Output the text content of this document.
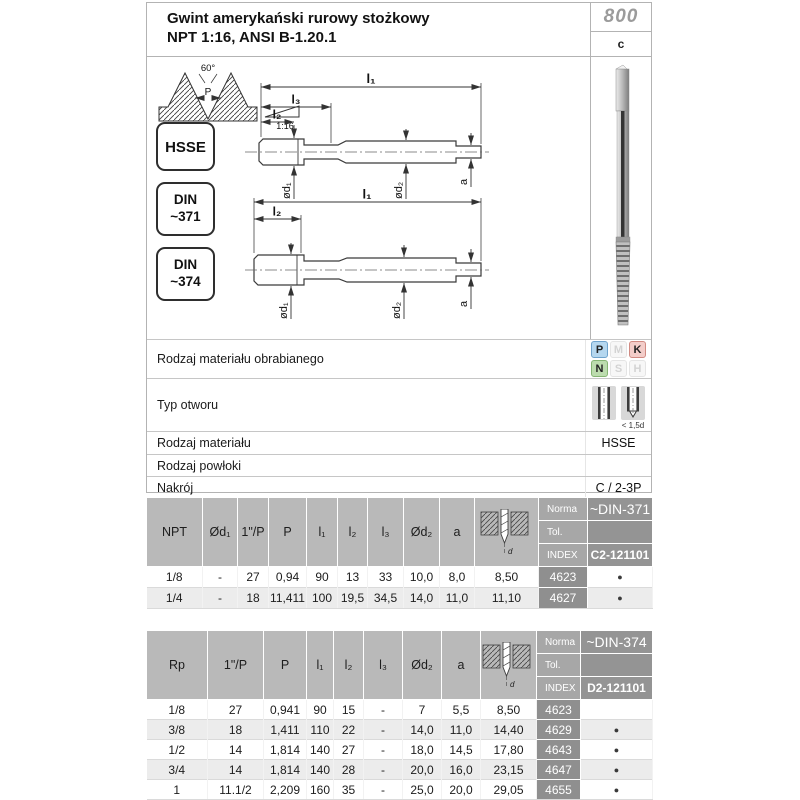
Gwint amerykański rurowy stożkowy
NPT 1:16, ANSI B-1.20.1
800
c
60°
P
1:16
HSSE
DIN
~371
DIN
~374
l₁
l₃
l₂
ød₁	ød₂	a
l₁
l₂
ød₁	ød₂	a
Rodzaj materiału obrabianego
P M K
N	S	H
Typ otworu
< 1,5d
Rodzaj materiału	HSSE
Rodzaj powłoki
Nakrój	C / 2-3P
NPT	Ød₁	1"/P	P	l₁	l₂	l₃	Ød₂	a	d	Norma	~DIN-371
										Tol.	
										INDEX	C2-121101
1/8	-	27	0,94	90	13	33	10,0	8,0	8,50	4623	●
1/4	-	18	11,411	100	19,5	34,5	14,0	11,0	11,10	4627	●
Rp	1"/P	P	l₁	l₂	l₃	Ød₂	a	d	Norma	~DIN-374
									Tol.	
									INDEX	D2-121101
1/8	27	0,941	90	15	-	7	5,5	8,50	4623	
3/8	18	1,411	110	22	-	14,0	11,0	14,40	4629	●
1/2	14	1,814	140	27	-	18,0	14,5	17,80	4643	●
3/4	14	1,814	140	28	-	20,0	16,0	23,15	4647	●
1	11.1/2	2,209	160	35	-	25,0	20,0	29,05	4655	●
